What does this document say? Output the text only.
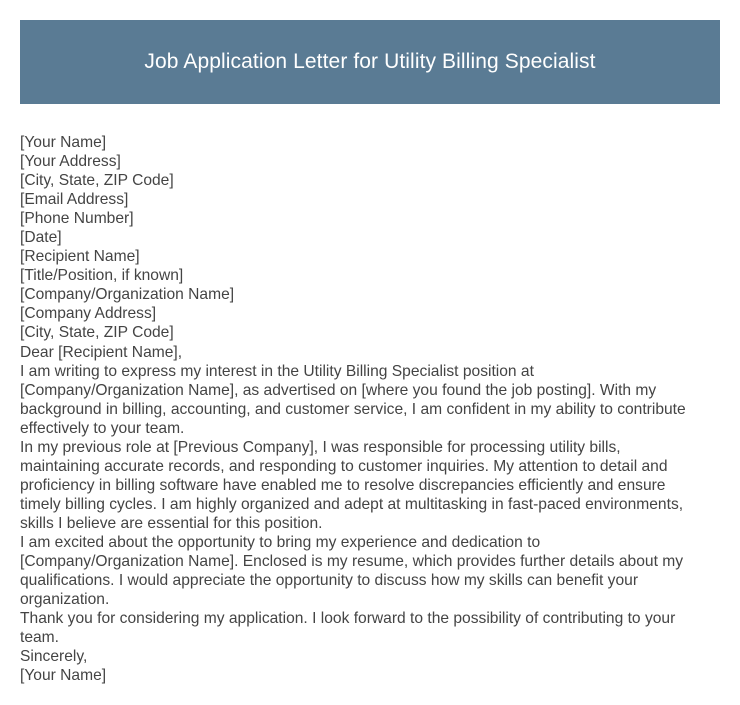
Job Application Letter for Utility Billing Specialist
[Your Name]
[Your Address]
[City, State, ZIP Code]
[Email Address]
[Phone Number]
[Date]
[Recipient Name]
[Title/Position, if known]
[Company/Organization Name]
[Company Address]
[City, State, ZIP Code]
Dear [Recipient Name],
I am writing to express my interest in the Utility Billing Specialist position at
[Company/Organization Name], as advertised on [where you found the job posting]. With my
background in billing, accounting, and customer service, I am confident in my ability to contribute
effectively to your team.
In my previous role at [Previous Company], I was responsible for processing utility bills,
maintaining accurate records, and responding to customer inquiries. My attention to detail and
proficiency in billing software have enabled me to resolve discrepancies efficiently and ensure
timely billing cycles. I am highly organized and adept at multitasking in fast-paced environments,
skills I believe are essential for this position.
I am excited about the opportunity to bring my experience and dedication to
[Company/Organization Name]. Enclosed is my resume, which provides further details about my
qualifications. I would appreciate the opportunity to discuss how my skills can benefit your
organization.
Thank you for considering my application. I look forward to the possibility of contributing to your
team.
Sincerely,
[Your Name]
